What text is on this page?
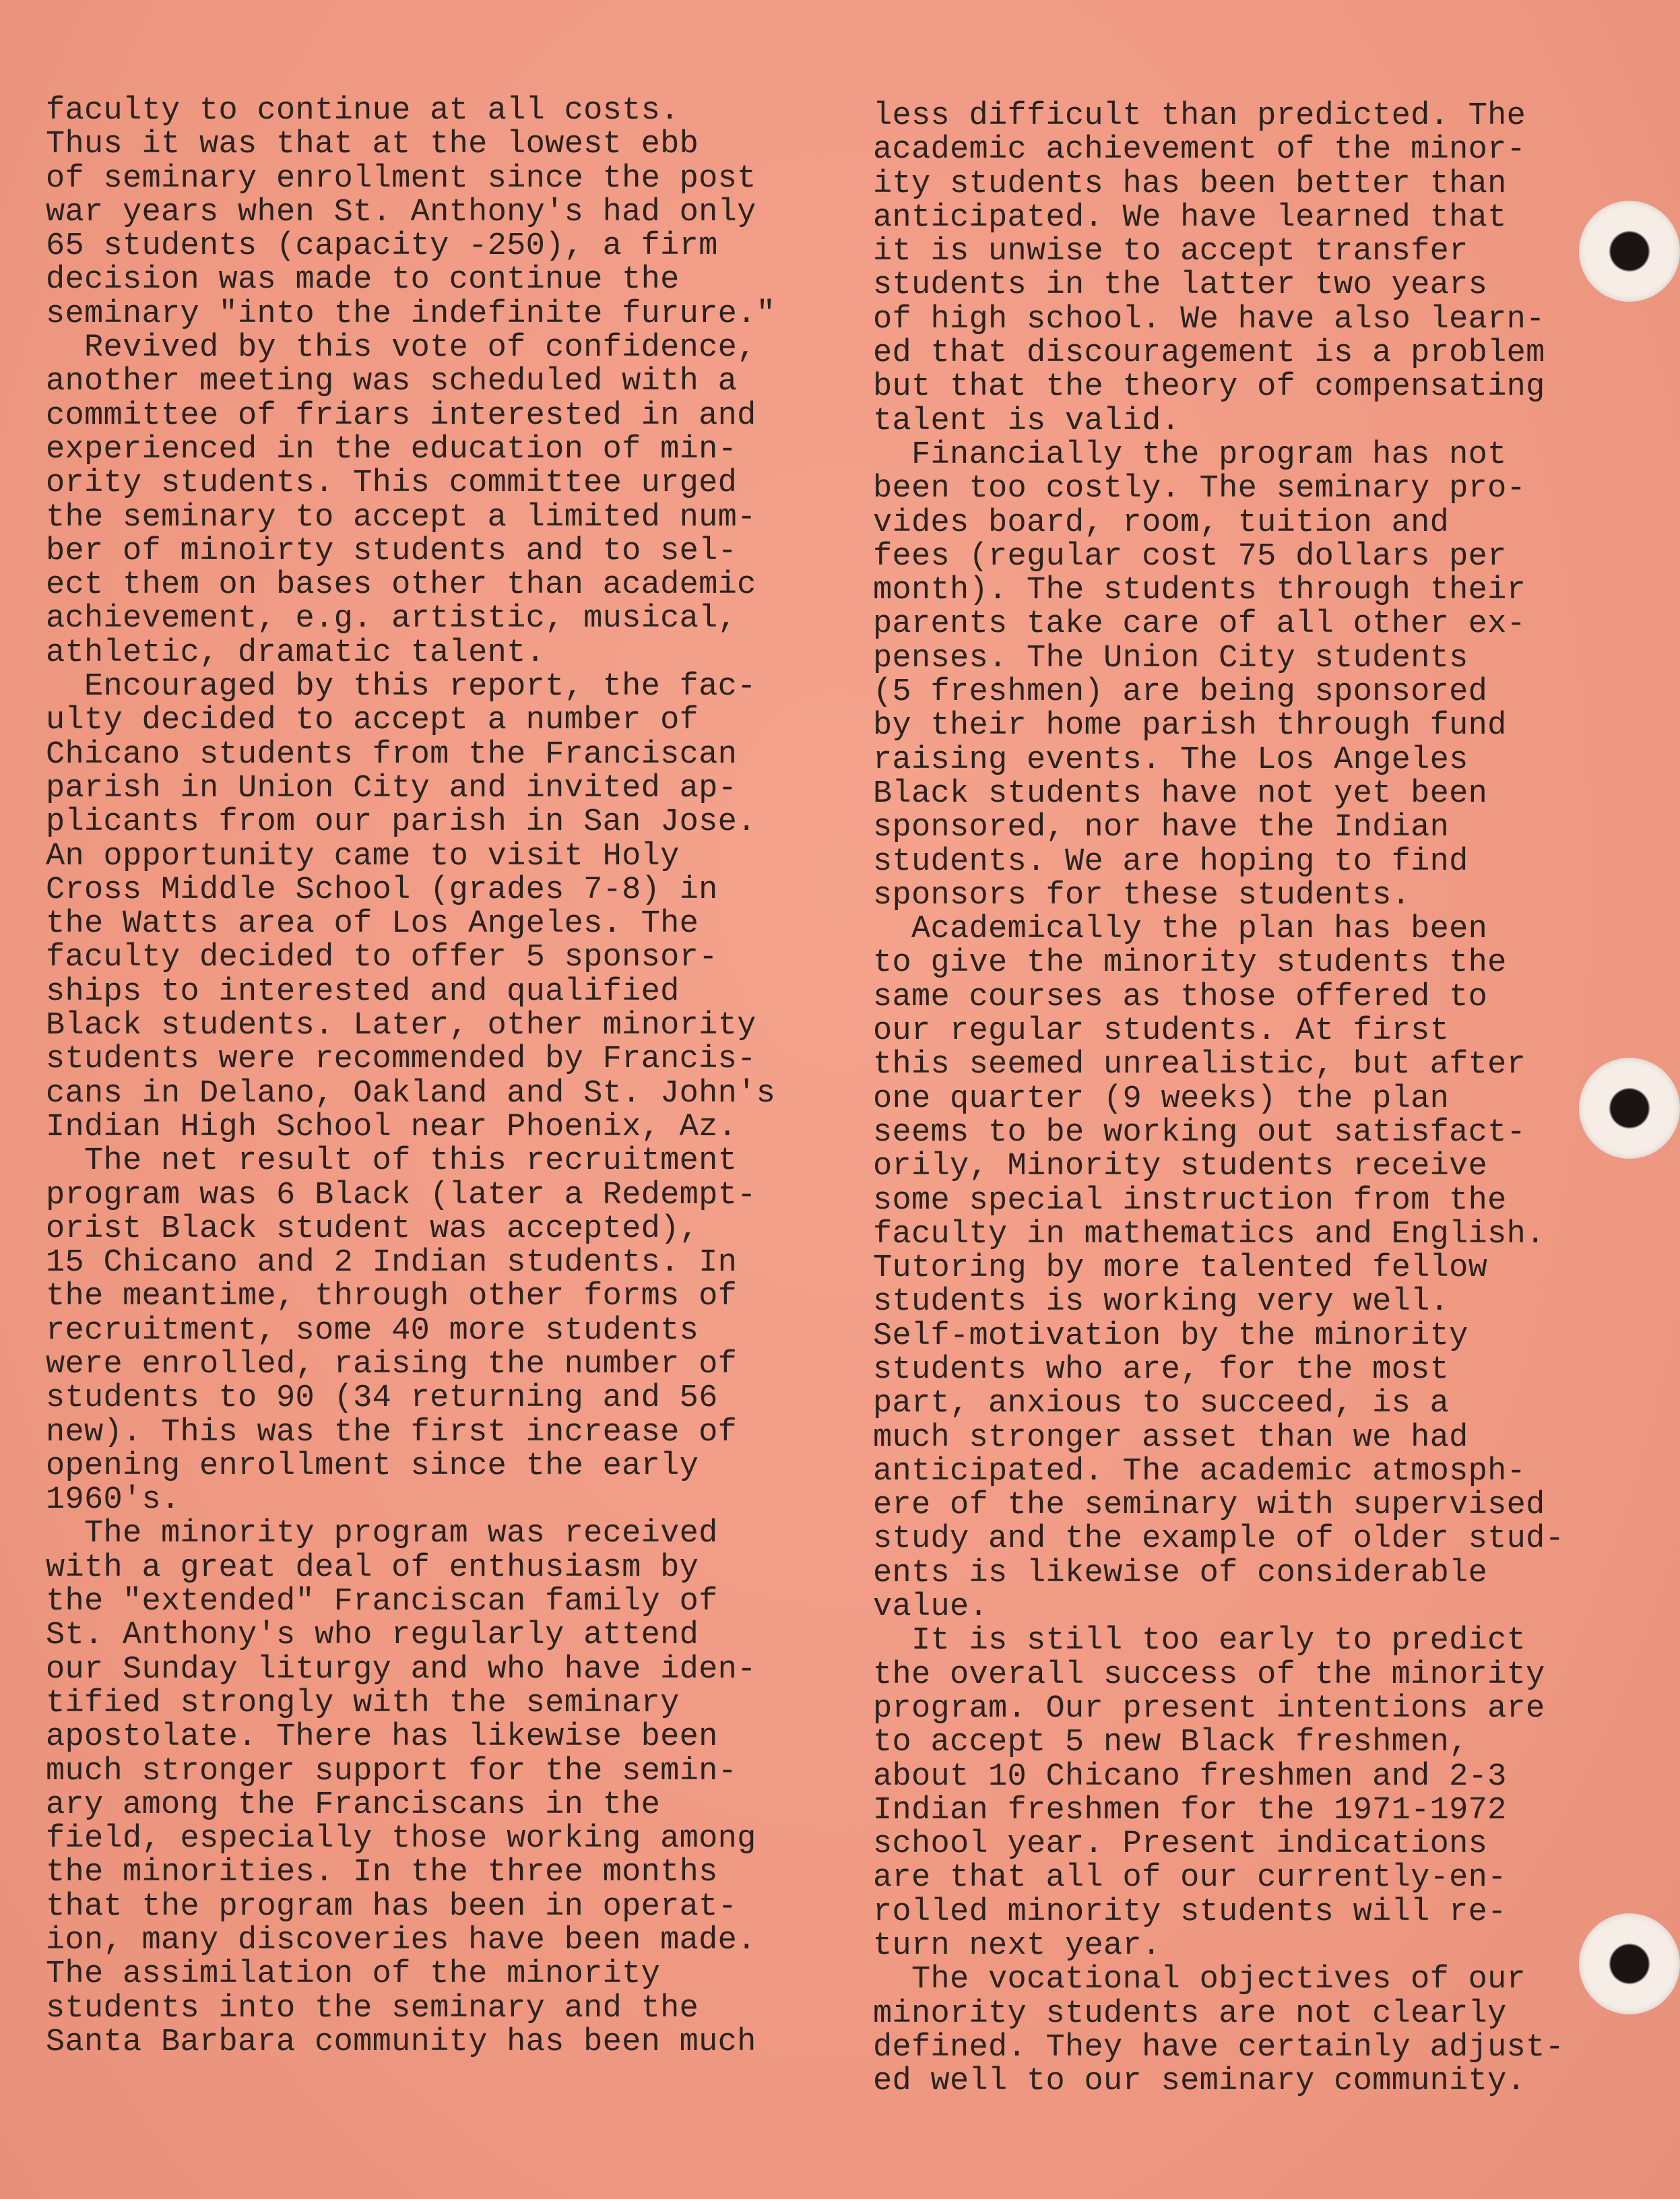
faculty to continue at all costs.
Thus it was that at the lowest ebb
of seminary enrollment since the post
war years when St. Anthony's had only
65 students (capacity -250), a firm
decision was made to continue the
seminary "into the indefinite furure."
Revived by this vote of confidence,
another meeting was scheduled with a
committee of friars interested in and
experienced in the education of min-
ority students. This committee urged
the seminary to accept a limited num-
ber of minoirty students and to sel-
ect them on bases other than academic
achievement, e.g. artistic, musical,
athletic, dramatic talent.
Encouraged by this report, the fac-
ulty decided to accept a number of
Chicano students from the Franciscan
parish in Union City and invited ap-
plicants from our parish in San Jose.
An opportunity came to visit Holy
Cross Middle School (grades 7-8) in
the Watts area of Los Angeles. The
faculty decided to offer 5 sponsor-
ships to interested and qualified
Black students. Later, other minority
students were recommended by Francis-
cans in Delano, Oakland and St. John's
Indian High School near Phoenix, Az.
The net result of this recruitment
program was 6 Black (later a Redempt-
orist Black student was accepted),
15 Chicano and 2 Indian students. In
the meantime, through other forms of
recruitment, some 40 more students
were enrolled, raising the number of
students to 90 (34 returning and 56
new). This was the first increase of
opening enrollment since the early
1960's.
The minority program was received
with a great deal of enthusiasm by
the "extended" Franciscan family of
St. Anthony's who regularly attend
our Sunday liturgy and who have iden-
tified strongly with the seminary
apostolate. There has likewise been
much stronger support for the semin-
ary among the Franciscans in the
field, especially those working among
the minorities. In the three months
that the program has been in operat-
ion, many discoveries have been made.
The assimilation of the minority
students into the seminary and the
Santa Barbara community has been much
less difficult than predicted. The
academic achievement of the minor-
ity students has been better than
anticipated. We have learned that
it is unwise to accept transfer
students in the latter two years
of high school. We have also learn-
ed that discouragement is a problem
but that the theory of compensating
talent is valid.
Financially the program has not
been too costly. The seminary pro-
vides board, room, tuition and
fees (regular cost 75 dollars per
month). The students through their
parents take care of all other ex-
penses. The Union City students
(5 freshmen) are being sponsored
by their home parish through fund
raising events. The Los Angeles
Black students have not yet been
sponsored, nor have the Indian
students. We are hoping to find
sponsors for these students.
Academically the plan has been
to give the minority students the
same courses as those offered to
our regular students. At first
this seemed unrealistic, but after
one quarter (9 weeks) the plan
seems to be working out satisfact-
orily, Minority students receive
some special instruction from the
faculty in mathematics and English.
Tutoring by more talented fellow
students is working very well.
Self-motivation by the minority
students who are, for the most
part, anxious to succeed, is a
much stronger asset than we had
anticipated. The academic atmosph-
ere of the seminary with supervised
study and the example of older stud-
ents is likewise of considerable
value.
It is still too early to predict
the overall success of the minority
program. Our present intentions are
to accept 5 new Black freshmen,
about 10 Chicano freshmen and 2-3
Indian freshmen for the 1971-1972
school year. Present indications
are that all of our currently-en-
rolled minority students will re-
turn next year.
The vocational objectives of our
minority students are not clearly
defined. They have certainly adjust-
ed well to our seminary community.
